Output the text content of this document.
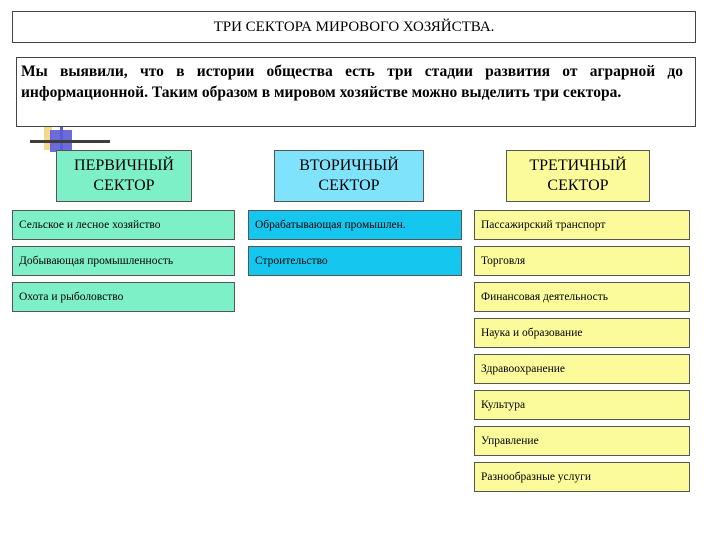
ТРИ СЕКТОРА МИРОВОГО ХОЗЯЙСТВА.
Мы выявили, что в истории общества есть три стадии развития от аграрной до информационной. Таким образом в мировом хозяйстве можно выделить три сектора.
ПЕРВИЧНЫЙ
СЕКТОР
ВТОРИЧНЫЙ
СЕКТОР
ТРЕТИЧНЫЙ
СЕКТОР
Сельское и лесное хозяйство
Добывающая промышленность
Охота и рыболовство
Обрабатывающая промышлен.
Строительство
Пассажирский транспорт
Торговля
Финансовая деятельность
Наука и образование
Здравоохранение
Культура
Управление
Разнообразные услуги
